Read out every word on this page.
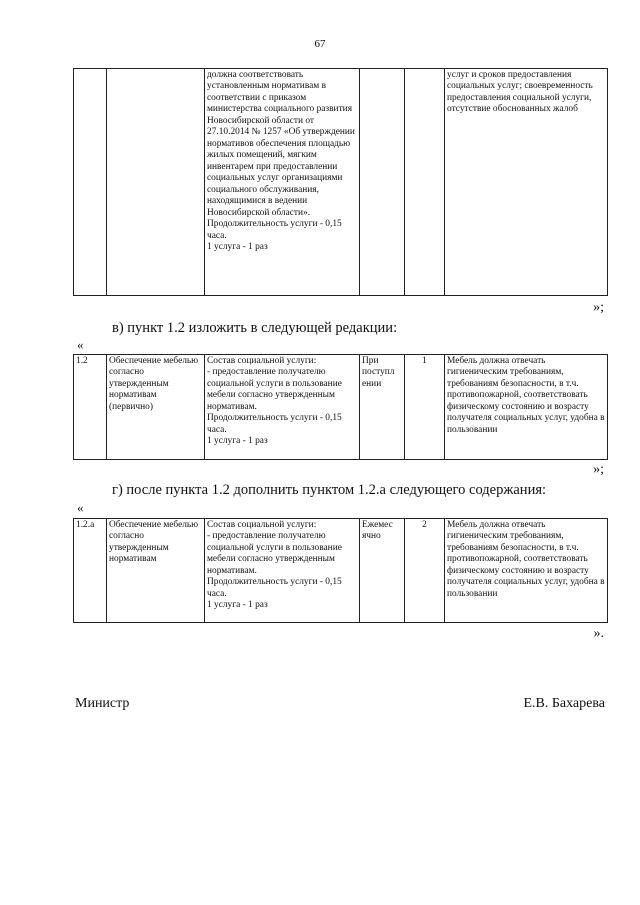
67
		должна соответствовать установленным нормативам в соответствии с приказом министерства социального развития Новосибирской области от 27.10.2014 № 1257 «Об утверждении нормативов обеспечения площадью жилых помещений, мягким инвентарем при предоставлении социальных услуг организациями социального обслуживания, находящимися в ведении Новосибирской области».
Продолжительность услуги - 0,15 часа.
1 услуга - 1 раз			услуг и сроков предоставления социальных услуг; своевременность предоставления социальной услуги, отсутствие обоснованных жалоб
»;
в) пункт 1.2 изложить в следующей редакции:
«
1.2	Обеспечение мебелью согласно утвержденным нормативам (первично)	Состав социальной услуги:
- предоставление получателю социальной услуги в пользование мебели согласно утвержденным нормативам.
Продолжительность услуги - 0,15 часа.
1 услуга - 1 раз	При поступл ении	1	Мебель должна отвечать гигиеническим требованиям, требованиям безопасности, в т.ч. противопожарной, соответствовать физическому состоянию и возрасту получателя социальных услуг, удобна в пользовании
»;
г) после пункта 1.2 дополнить пунктом 1.2.а следующего содержания:
«
1.2.а	Обеспечение мебелью согласно утвержденным нормативам	Состав социальной услуги:
- предоставление получателю социальной услуги в пользование мебели согласно утвержденным нормативам.
Продолжительность услуги - 0,15 часа.
1 услуга - 1 раз	Ежемес ячно	2	Мебель должна отвечать гигиеническим требованиям, требованиям безопасности, в т.ч. противопожарной, соответствовать физическому состоянию и возрасту получателя социальных услуг, удобна в пользовании
».
Министр	Е.В. Бахарева
